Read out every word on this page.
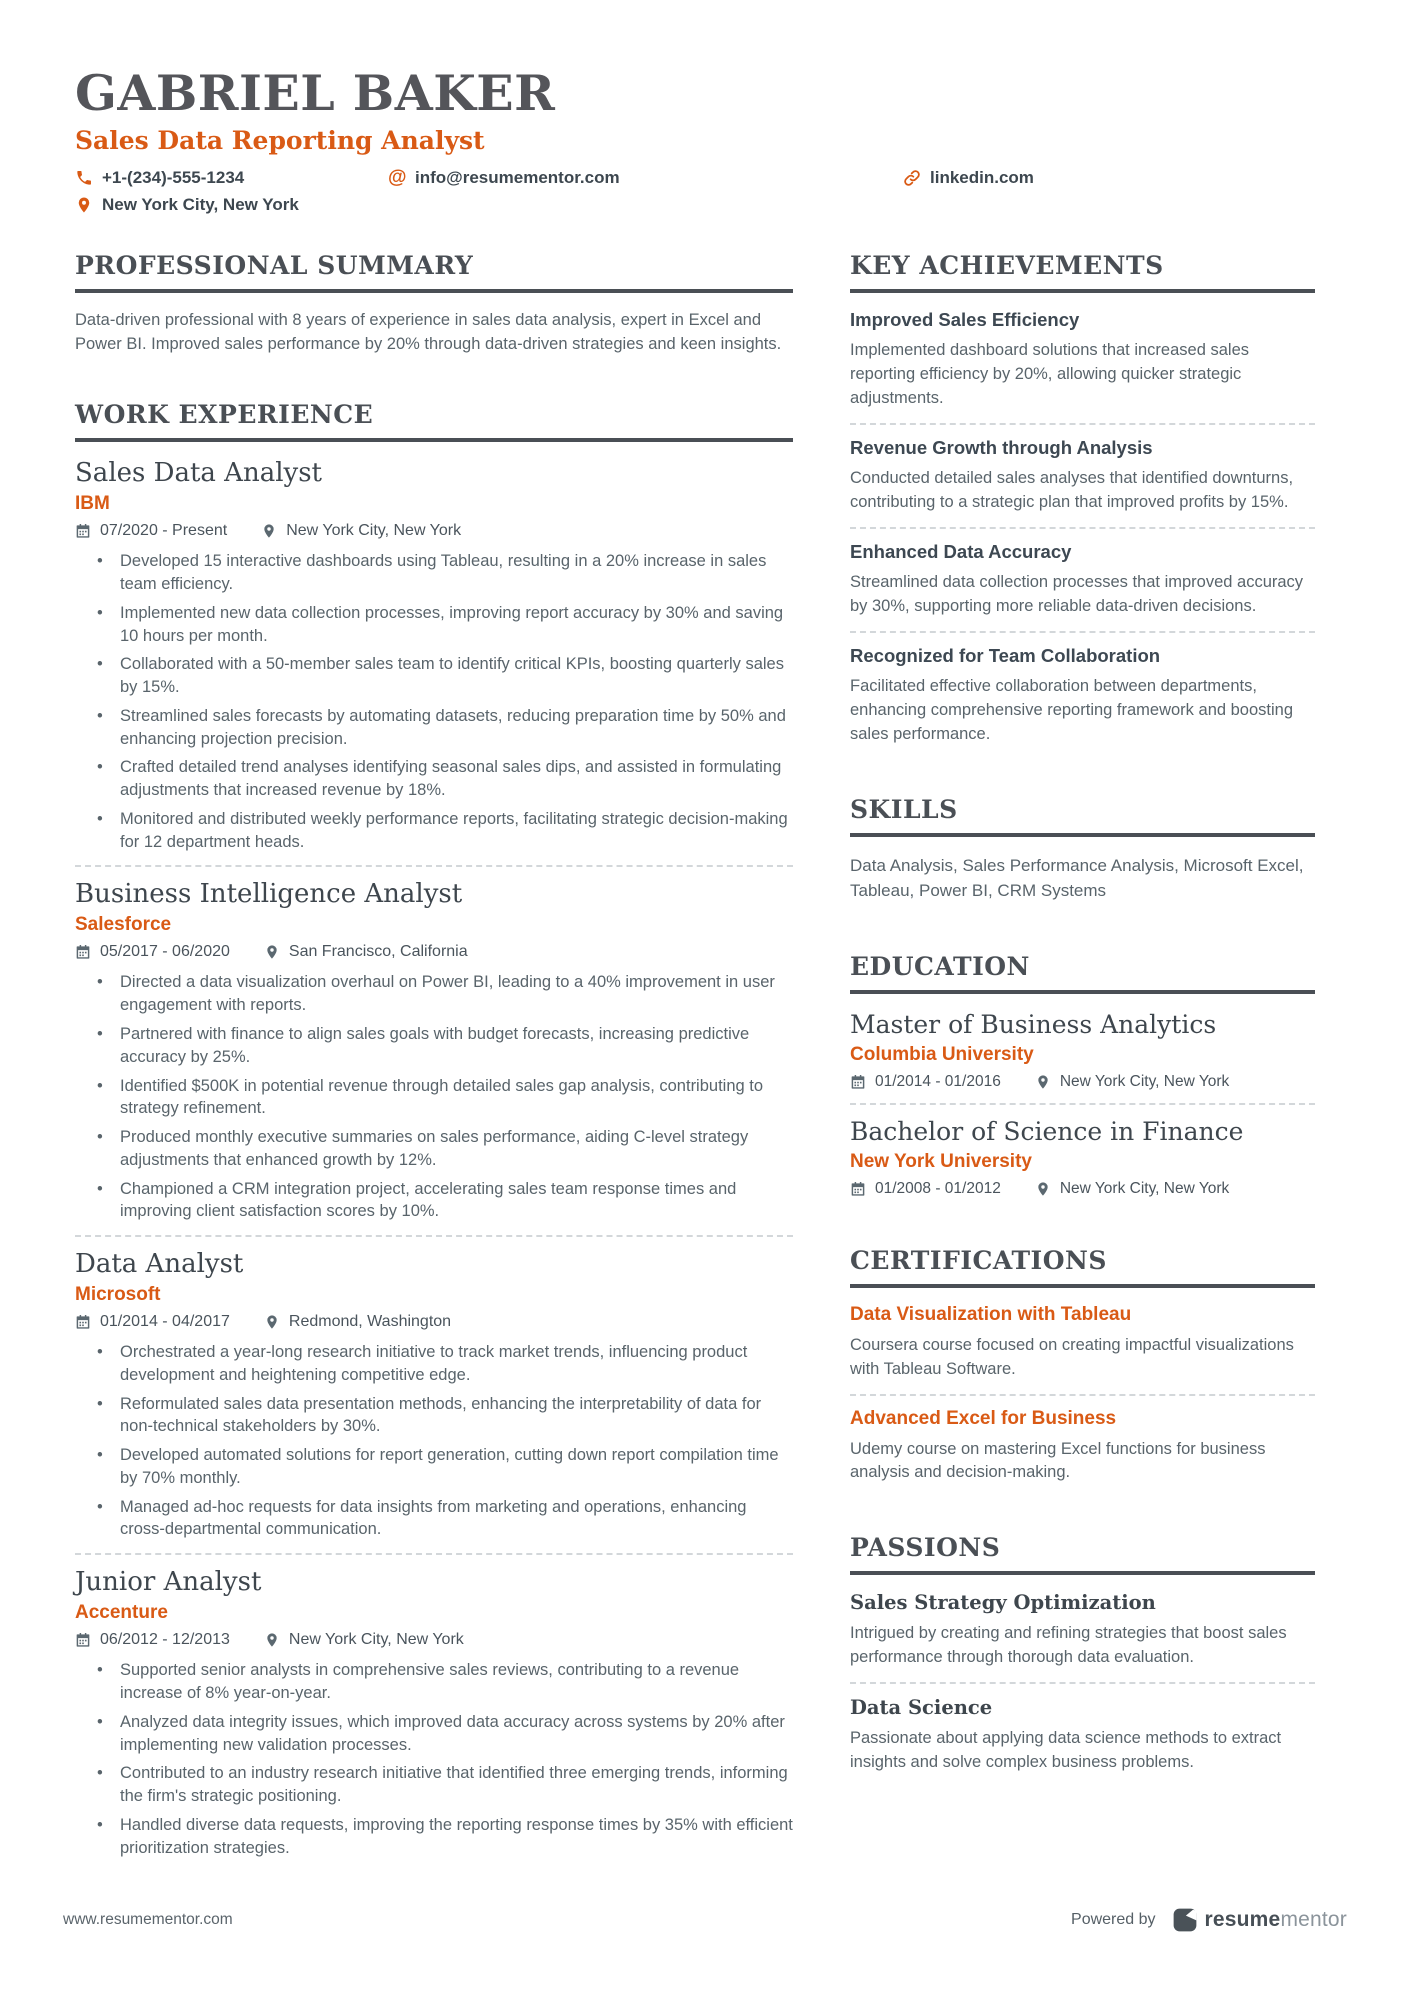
GABRIEL BAKER
Sales Data Reporting Analyst
+1-(234)-555-1234	@ info@resumementor.com	linkedin.com
New York City, New York
PROFESSIONAL SUMMARY

Data-driven professional with 8 years of experience in sales data analysis, expert in Excel and Power BI. Improved sales performance by 20% through data-driven strategies and keen insights.

WORK EXPERIENCE
Sales Data Analyst
IBM
07/2020 - Present	New York City, New York
• Developed 15 interactive dashboards using Tableau, resulting in a 20% increase in sales team efficiency.
• Implemented new data collection processes, improving report accuracy by 30% and saving 10 hours per month.
• Collaborated with a 50-member sales team to identify critical KPIs, boosting quarterly sales by 15%.
• Streamlined sales forecasts by automating datasets, reducing preparation time by 50% and enhancing projection precision.
• Crafted detailed trend analyses identifying seasonal sales dips, and assisted in formulating adjustments that increased revenue by 18%.
• Monitored and distributed weekly performance reports, facilitating strategic decision-making for 12 department heads.
Business Intelligence Analyst
Salesforce
05/2017 - 06/2020	San Francisco, California
• Directed a data visualization overhaul on Power BI, leading to a 40% improvement in user engagement with reports.
• Partnered with finance to align sales goals with budget forecasts, increasing predictive accuracy by 25%.
• Identified $500K in potential revenue through detailed sales gap analysis, contributing to strategy refinement.
• Produced monthly executive summaries on sales performance, aiding C-level strategy adjustments that enhanced growth by 12%.
• Championed a CRM integration project, accelerating sales team response times and improving client satisfaction scores by 10%.
Data Analyst
Microsoft
01/2014 - 04/2017	Redmond, Washington
• Orchestrated a year-long research initiative to track market trends, influencing product development and heightening competitive edge.
• Reformulated sales data presentation methods, enhancing the interpretability of data for non-technical stakeholders by 30%.
• Developed automated solutions for report generation, cutting down report compilation time by 70% monthly.
• Managed ad-hoc requests for data insights from marketing and operations, enhancing cross-departmental communication.
Junior Analyst
Accenture
06/2012 - 12/2013	New York City, New York
• Supported senior analysts in comprehensive sales reviews, contributing to a revenue increase of 8% year-on-year.
• Analyzed data integrity issues, which improved data accuracy across systems by 20% after implementing new validation processes.
• Contributed to an industry research initiative that identified three emerging trends, informing the firm's strategic positioning.
• Handled diverse data requests, improving the reporting response times by 35% with efficient prioritization strategies.
KEY ACHIEVEMENTS
Improved Sales Efficiency

Implemented dashboard solutions that increased sales reporting efficiency by 20%, allowing quicker strategic adjustments.

Revenue Growth through Analysis

Conducted detailed sales analyses that identified downturns, contributing to a strategic plan that improved profits by 15%.

Enhanced Data Accuracy

Streamlined data collection processes that improved accuracy by 30%, supporting more reliable data-driven decisions.

Recognized for Team Collaboration

Facilitated effective collaboration between departments, enhancing comprehensive reporting framework and boosting sales performance.

SKILLS

Data Analysis, Sales Performance Analysis, Microsoft Excel, Tableau, Power BI, CRM Systems

EDUCATION
Master of Business Analytics
Columbia University
01/2014 - 01/2016	New York City, New York
Bachelor of Science in Finance
New York University
01/2008 - 01/2012	New York City, New York
CERTIFICATIONS
Data Visualization with Tableau

Coursera course focused on creating impactful visualizations with Tableau Software.

Advanced Excel for Business

Udemy course on mastering Excel functions for business analysis and decision-making.

PASSIONS
Sales Strategy Optimization

Intrigued by creating and refining strategies that boost sales performance through thorough data evaluation.

Data Science

Passionate about applying data science methods to extract insights and solve complex business problems.

www.resumementor.com	Powered by resumementor
